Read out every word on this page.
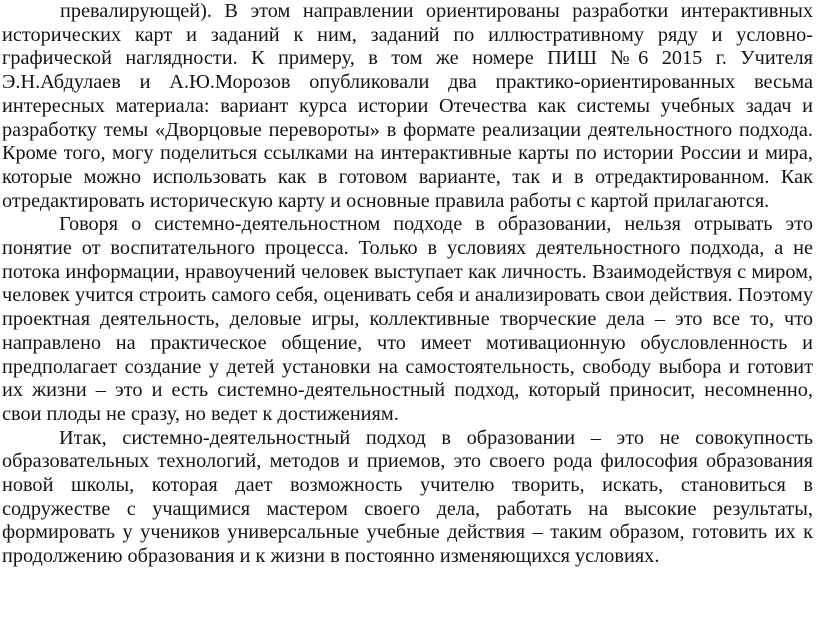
превалирующей). В этом направлении ориентированы разработки интерактивных исторических карт и заданий к ним, заданий по иллюстративному ряду и условно-графической наглядности. К примеру, в том же номере ПИШ №6 2015 г. Учителя Э.Н.Абдулаев и А.Ю.Морозов опубликовали два практико-ориентированных весьма интересных материала: вариант курса истории Отечества как системы учебных задач и разработку темы «Дворцовые перевороты» в формате реализации деятельностного подхода. Кроме того, могу поделиться ссылками на интерактивные карты по истории России и мира, которые можно использовать как в готовом варианте, так и в отредактированном. Как отредактировать историческую карту и основные правила работы с картой прилагаются.

Говоря о системно-деятельностном подходе в образовании, нельзя отрывать это понятие от воспитательного процесса. Только в условиях деятельностного подхода, а не потока информации, нравоучений человек выступает как личность. Взаимодействуя с миром, человек учится строить самого себя, оценивать себя и анализировать свои действия. Поэтому проектная деятельность, деловые игры, коллективные творческие дела – это все то, что направлено на практическое общение, что имеет мотивационную обусловленность и предполагает создание у детей установки на самостоятельность, свободу выбора и готовит их жизни – это и есть системно-деятельностный подход, который приносит, несомненно, свои плоды не сразу, но ведет к достижениям.

Итак, системно-деятельностный подход в образовании – это не совокупность образовательных технологий, методов и приемов, это своего рода философия образования новой школы, которая дает возможность учителю творить, искать, становиться в содружестве с учащимися мастером своего дела, работать на высокие результаты, формировать у учеников универсальные учебные действия – таким образом, готовить их к продолжению образования и к жизни в постоянно изменяющихся условиях.
